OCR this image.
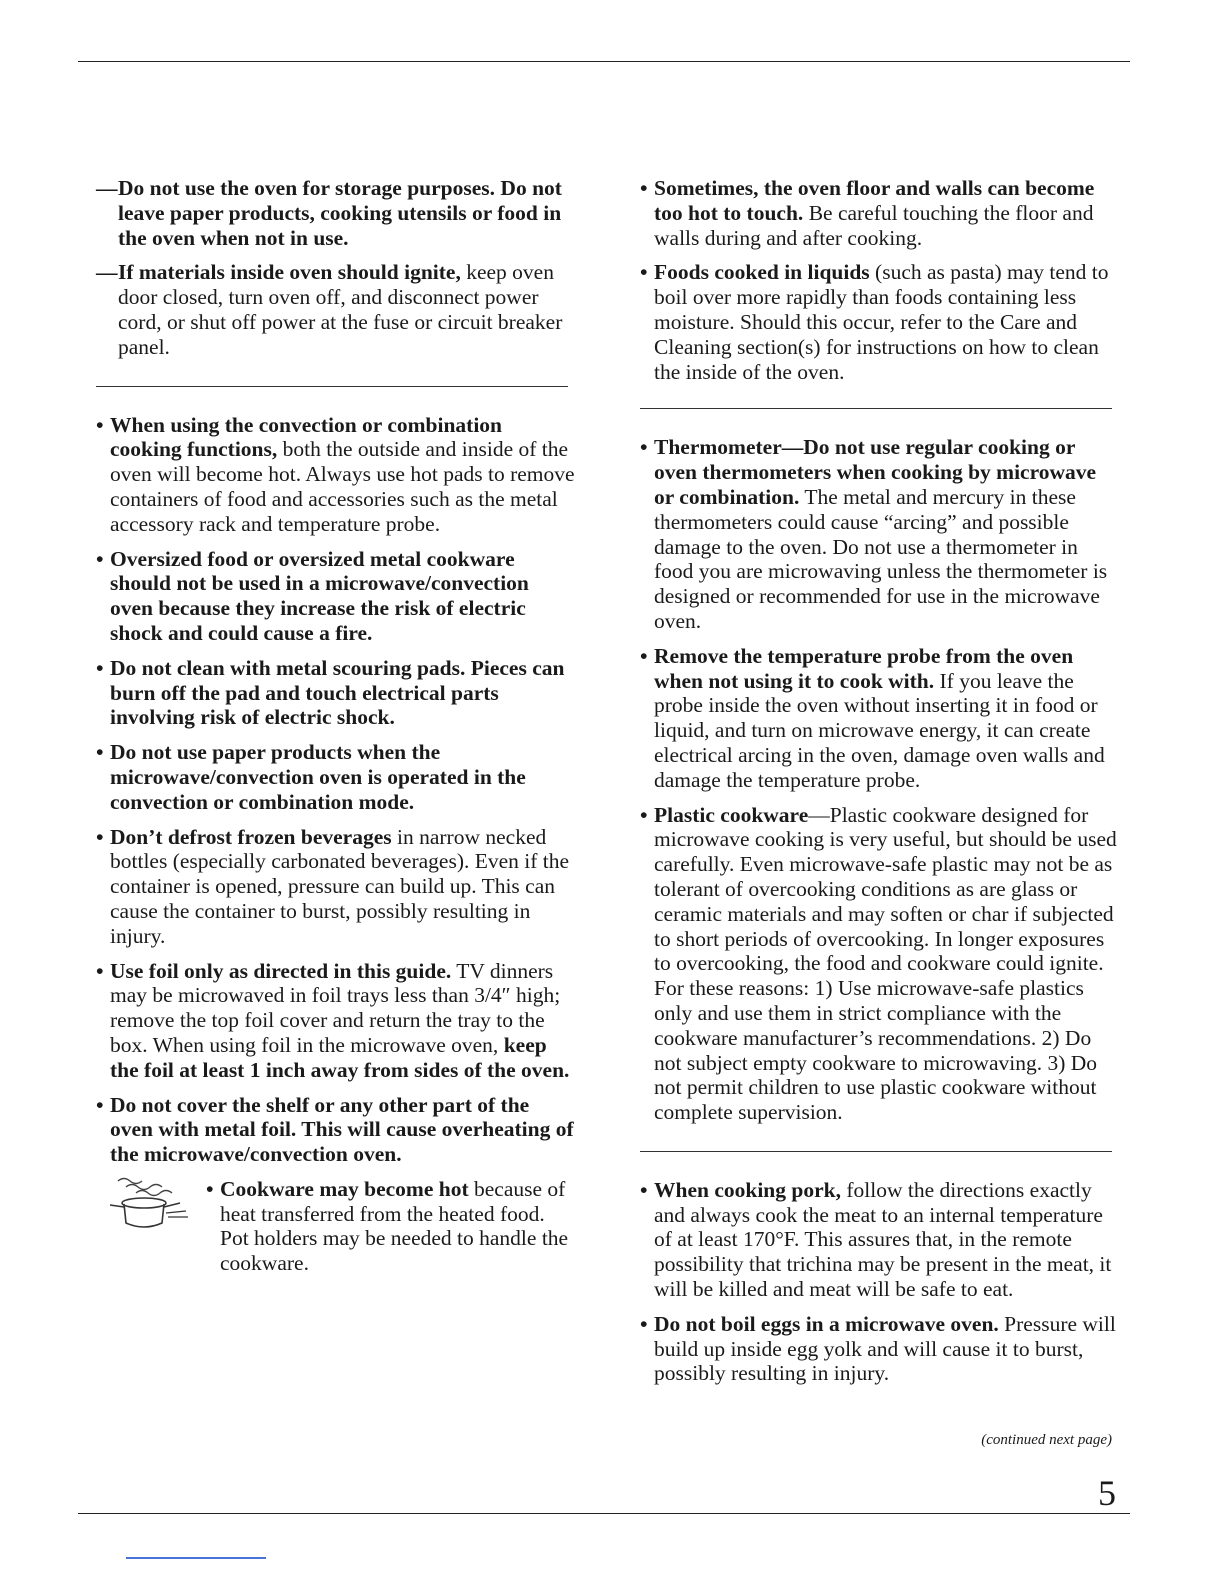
— Do not use the oven for storage purposes. Do not leave paper products, cooking utensils or food in the oven when not in use.

— If materials inside oven should ignite, keep oven door closed, turn oven off, and disconnect power cord, or shut off power at the fuse or circuit breaker panel.

• When using the convection or combination cooking functions, both the outside and inside of the oven will become hot. Always use hot pads to remove containers of food and accessories such as the metal accessory rack and temperature probe.

• Oversized food or oversized metal cookware should not be used in a microwave/convection oven because they increase the risk of electric shock and could cause a fire.

• Do not clean with metal scouring pads. Pieces can burn off the pad and touch electrical parts involving risk of electric shock.

• Do not use paper products when the microwave/convection oven is operated in the convection or combination mode.

• Don’t defrost frozen beverages in narrow necked bottles (especially carbonated beverages). Even if the container is opened, pressure can build up. This can cause the container to burst, possibly resulting in injury.

• Use foil only as directed in this guide. TV dinners may be microwaved in foil trays less than 3/4″ high; remove the top foil cover and return the tray to the box. When using foil in the microwave oven, keep the foil at least 1 inch away from sides of the oven.

• Do not cover the shelf or any other part of the oven with metal foil. This will cause overheating of the microwave/convection oven.

• Cookware may become hot because of heat transferred from the heated food. Pot holders may be needed to handle the cookware.

• Sometimes, the oven floor and walls can become too hot to touch. Be careful touching the floor and walls during and after cooking.

• Foods cooked in liquids (such as pasta) may tend to boil over more rapidly than foods containing less moisture. Should this occur, refer to the Care and Cleaning section(s) for instructions on how to clean the inside of the oven.

• Thermometer—Do not use regular cooking or oven thermometers when cooking by microwave or combination. The metal and mercury in these thermometers could cause “arcing” and possible damage to the oven. Do not use a thermometer in food you are microwaving unless the thermometer is designed or recommended for use in the microwave oven.

• Remove the temperature probe from the oven when not using it to cook with. If you leave the probe inside the oven without inserting it in food or liquid, and turn on microwave energy, it can create electrical arcing in the oven, damage oven walls and damage the temperature probe.

• Plastic cookware—Plastic cookware designed for microwave cooking is very useful, but should be used carefully. Even microwave-safe plastic may not be as tolerant of overcooking conditions as are glass or ceramic materials and may soften or char if subjected to short periods of overcooking. In longer exposures to overcooking, the food and cookware could ignite. For these reasons: 1) Use microwave-safe plastics only and use them in strict compliance with the cookware manufacturer’s recommendations. 2) Do not subject empty cookware to microwaving. 3) Do not permit children to use plastic cookware without complete supervision.

• When cooking pork, follow the directions exactly and always cook the meat to an internal temperature of at least 170°F. This assures that, in the remote possibility that trichina may be present in the meat, it will be killed and meat will be safe to eat.

• Do not boil eggs in a microwave oven. Pressure will build up inside egg yolk and will cause it to burst, possibly resulting in injury.

(continued next page)
5
